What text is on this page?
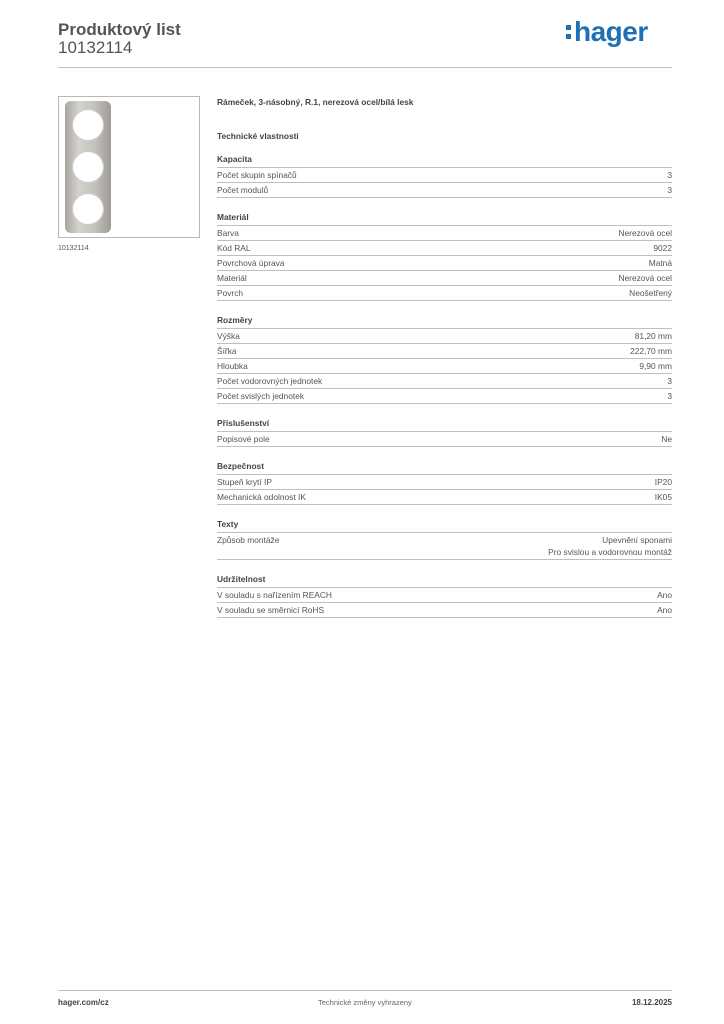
Produktový list
10132114
hager
10132114
Rámeček, 3-násobný, R.1, nerezová ocel/bílá lesk
Technické vlastnosti
Kapacita
Počet skupin spínačů	3
Počet modulů	3
Materiál
Barva	Nerezová ocel
Kód RAL	9022
Povrchová úprava	Matná
Materiál	Nerezová ocel
Povrch	Neošetřený
Rozměry
Výška	81,20 mm
Šířka	222,70 mm
Hloubka	9,90 mm
Počet vodorovných jednotek	3
Počet svislých jednotek	3
Příslušenství
Popisové pole	Ne
Bezpečnost
Stupeň krytí IP	IP20
Mechanická odolnost IK	IK05
Texty
Způsob montáže	Upevnění sponami
Pro svislou a vodorovnou montáž
Udržitelnost
V souladu s nařízením REACH	Ano
V souladu se směrnicí RoHS	Ano
hager.com/cz	Technické změny vyhrazeny	18.12.2025
